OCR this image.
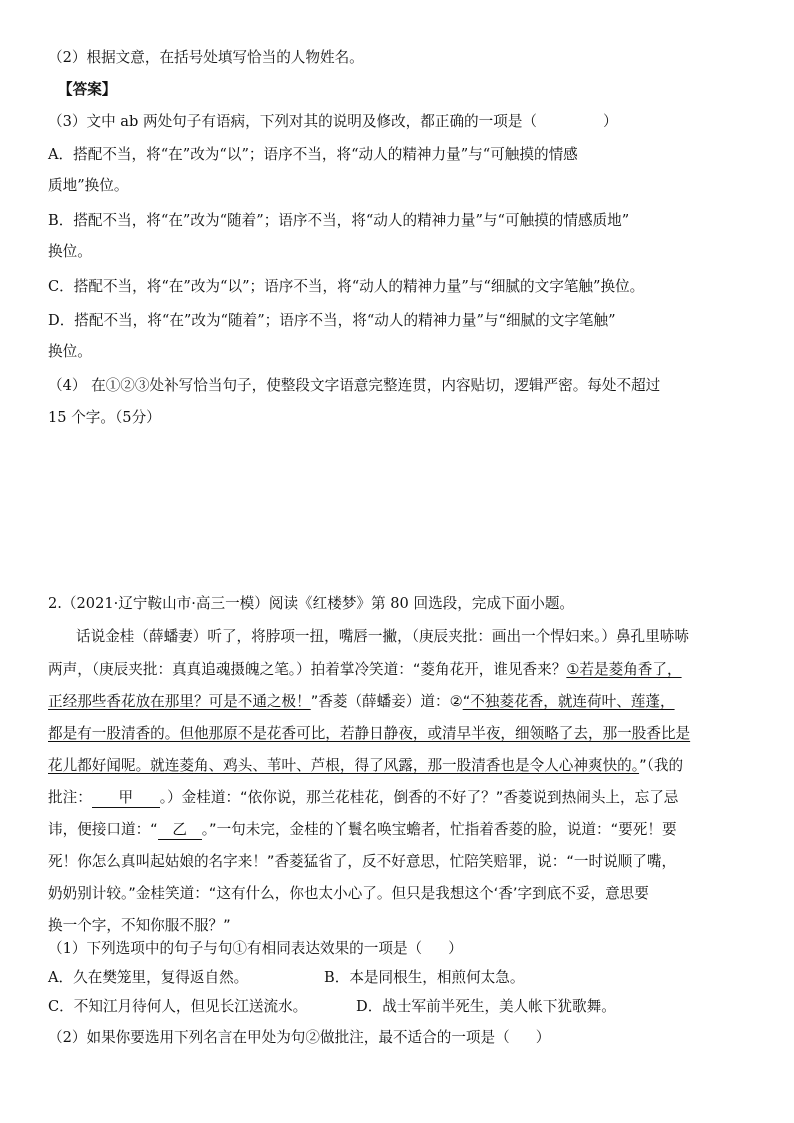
（2）根据文意，在括号处填写恰当的人物姓名。
【答案】
（3）文中 ab 两处句子有语病，下列对其的说明及修改，都正确的一项是（	）
A．搭配不当，将“在”改为“以”；语序不当，将“动人的精神力量”与“可触摸的情感
质地”换位。
B．搭配不当，将“在”改为“随着”；语序不当，将“动人的精神力量”与“可触摸的情感质地”
换位。
C．搭配不当，将“在”改为“以”；语序不当，将“动人的精神力量”与“细腻的文字笔触”换位。
D．搭配不当，将“在”改为“随着”；语序不当，将“动人的精神力量”与“细腻的文字笔触”
换位。
（4） 在①②③处补写恰当句子，使整段文字语意完整连贯，内容贴切，逻辑严密。每处不超过
15 个字。（5分）
2.（2021·辽宁鞍山市·高三一模）阅读《红楼梦》第 80 回选段，完成下面小题。
话说金桂（薛蟠妻）听了，将脖项一扭，嘴唇一撇，（庚辰夹批：画出一个悍妇来。）鼻孔里哧哧
两声，（庚辰夹批：真真追魂摄魄之笔。）拍着掌冷笑道：“菱角花开，谁见香来？①若是菱角香了，
正经那些香花放在那里？可是不通之极！”香菱（薛蟠妾）道：②“不独菱花香，就连荷叶、莲蓬，
都是有一股清香的。但他那原不是花香可比，若静日静夜，或清早半夜，细领略了去，那一股香比是
花儿都好闻呢。就连菱角、鸡头、苇叶、芦根，得了风露，那一股清香也是令人心神爽快的。”（我的
批注： 甲 。）金桂道：“依你说，那兰花桂花，倒香的不好了？”香菱说到热闹头上，忘了忌
讳，便接口道：“ 乙 。”一句未完，金桂的丫鬟名唤宝蟾者，忙指着香菱的脸，说道：“要死！要
死！你怎么真叫起姑娘的名字来！”香菱猛省了，反不好意思，忙陪笑赔罪，说：“一时说顺了嘴，
奶奶别计较。”金桂笑道：“这有什么，你也太小心了。但只是我想这个‘香’字到底不妥，意思要
换一个字，不知你服不服？”
（1）下列选项中的句子与句①有相同表达效果的一项是（ ）
A．久在樊笼里，复得返自然。	B．本是同根生，相煎何太急。
C．不知江月待何人，但见长江送流水。	D．战士军前半死生，美人帐下犹歌舞。
（2）如果你要选用下列名言在甲处为句②做批注，最不适合的一项是（ ）
